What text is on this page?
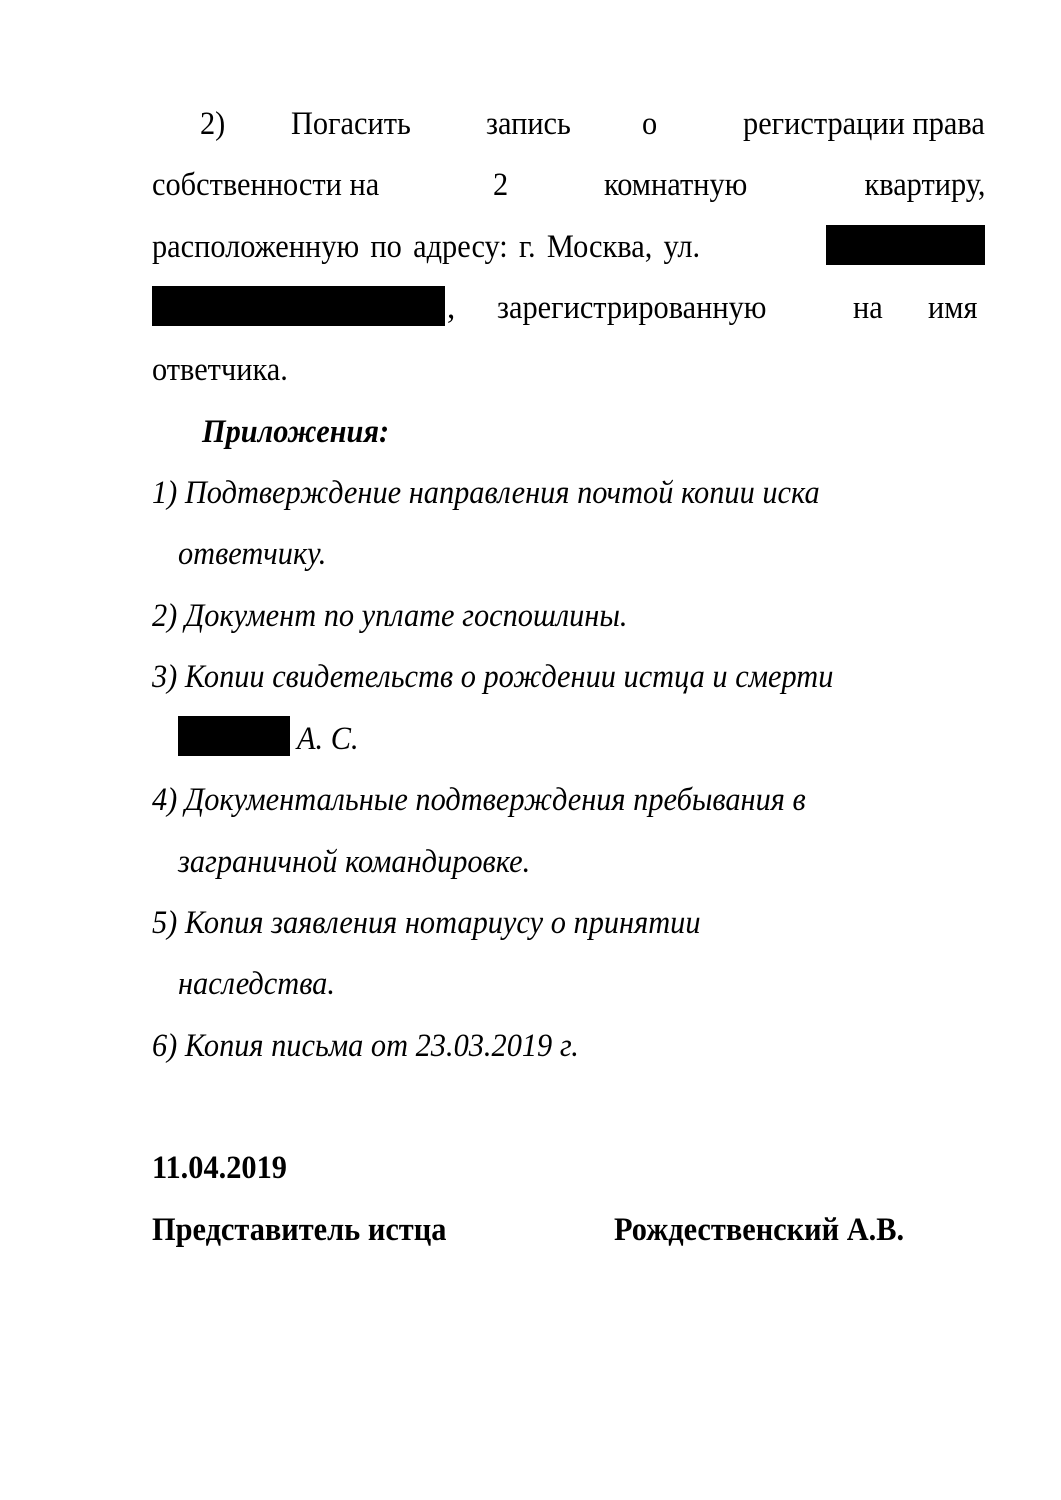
2) Погасить запись о	регистрации права
собственности на	2	комнатную	квартиру,
расположенную по адресу: г. Москва, ул.
, зарегистрированную	на имя
ответчика.
Приложения:
1) Подтверждение направления почтой копии иска
ответчику.
2) Документ по уплате госпошлины.
3) Копии свидетельств о рождении истца и смерти
А. С.
4) Документальные подтверждения пребывания в
заграничной командировке.
5) Копия заявления нотариусу о принятии
наследства.
6) Копия письма от 23.03.2019 г.
11.04.2019
Представитель истца	Рождественский А.В.
